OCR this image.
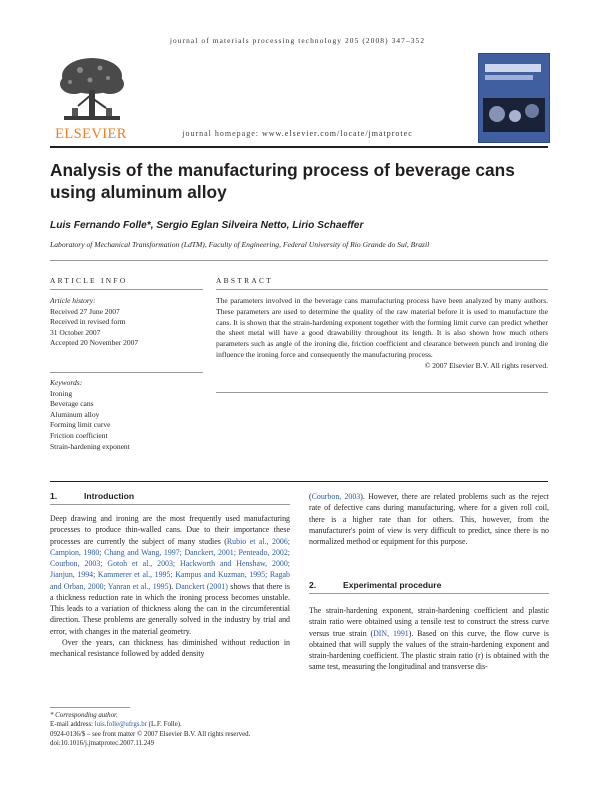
journal of materials processing technology 205 (2008) 347–352
ELSEVIER	journal homepage: www.elsevier.com/locate/jmatprotec
Analysis of the manufacturing process of beverage cans using aluminum alloy
Luis Fernando Folle*, Sergio Eglan Silveira Netto, Lirio Schaeffer
Laboratory of Mechanical Transformation (LdTM), Faculty of Engineering, Federal University of Rio Grande do Sul, Brazil
ARTICLE INFO	ABSTRACT
Article history:
Received 27 June 2007
Received in revised form
31 October 2007
Accepted 20 November 2007
Keywords:
Ironing
Beverage cans
Aluminum alloy
Forming limit curve
Friction coefficient
Strain-hardening exponent
The parameters involved in the beverage cans manufacturing process have been analyzed by many authors. These parameters are used to determine the quality of the raw material before it is used to manufacture the cans. It is shown that the strain-hardening exponent together with the forming limit curve can predict whether the sheet metal will have a good drawability throughout its length. It is also shown how much others parameters such as angle of the ironing die, friction coefficient and clearance between punch and ironing die influence the ironing force and consequently the manufacturing process.
© 2007 Elsevier B.V. All rights reserved.
1.	Introduction

Deep drawing and ironing are the most frequently used manufacturing processes to produce thin-walled cans. Due to their importance these processes are currently the subject of many studies (Rubio et al., 2006; Campion, 1980; Chang and Wang, 1997; Danckert, 2001; Penteado, 2002; Courbon, 2003; Gotoh et al., 2003; Hackworth and Henshaw, 2000; Jianjun, 1994; Kammerer et al., 1995; Kampus and Kuzman, 1995; Ragab and Orban, 2000; Yanran et al., 1995). Danckert (2001) shows that there is a thickness reduction rate in which the ironing process becomes unstable. This leads to a variation of thickness along the can in the circumferential direction. These problems are generally solved in the industry by trial and error, with changes in the material geometry.

Over the years, can thickness has diminished without reduction in mechanical resistance followed by added density

(Courbon, 2003). However, there are related problems such as the reject rate of defective cans during manufacturing, where for a given roll coil, there is a higher rate than for others. This, however, from the manufacturer's point of view is very difficult to predict, since there is no normalized method or equipment for this purpose.

2.	Experimental procedure

The strain-hardening exponent, strain-hardening coefficient and plastic strain ratio were obtained using a tensile test to construct the stress curve versus true strain (DIN, 1991). Based on this curve, the flow curve is obtained that will supply the values of the strain-hardening exponent and strain-hardening coefficient. The plastic strain ratio (r) is obtained with the same test, measuring the longitudinal and transverse dis-

* Corresponding author.
E-mail address: luis.folle@ufrgs.br (L.F. Folle).
0924-0136/$ – see front matter © 2007 Elsevier B.V. All rights reserved.
doi:10.1016/j.jmatprotec.2007.11.249
